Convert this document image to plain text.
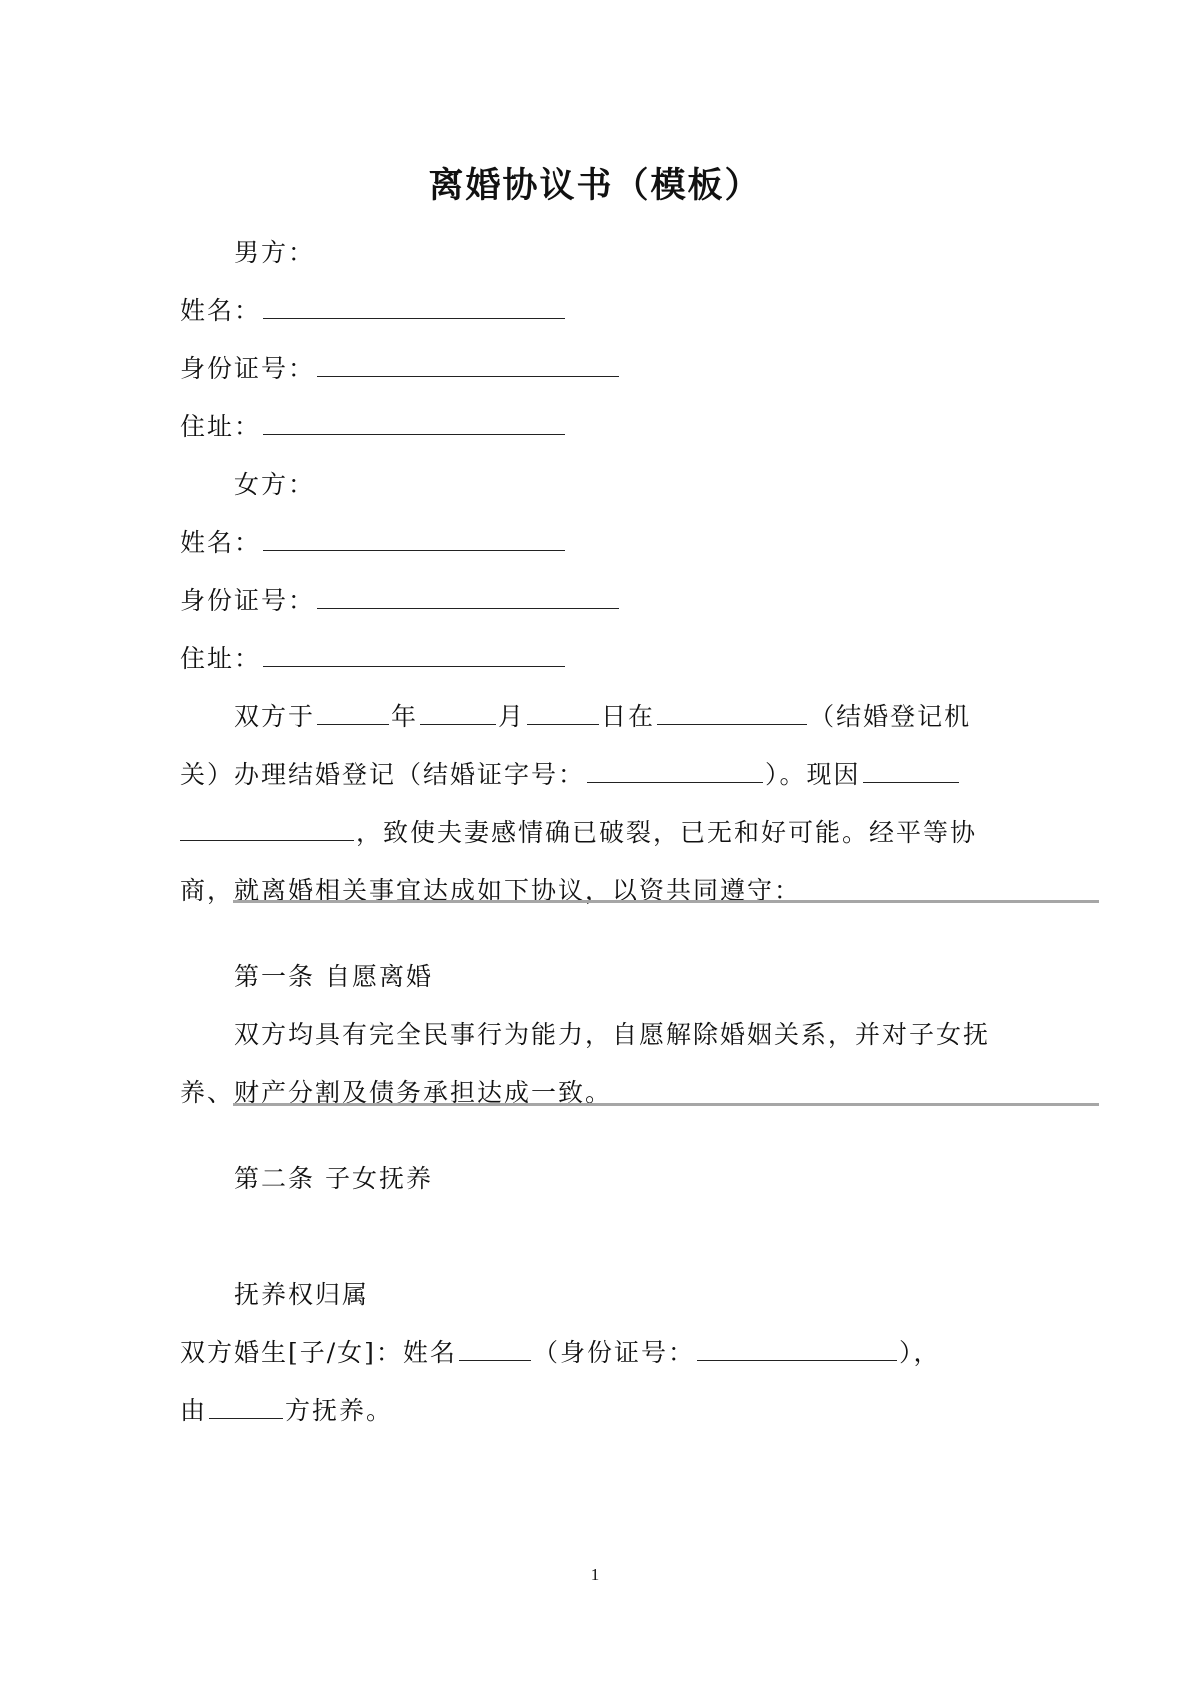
离婚协议书（模板）
男方：
姓名：
身份证号：
住址：
女方：
姓名：
身份证号：
住址：
双方于	年	月	日在	（结婚登记机
关）办理结婚登记（结婚证字号：	）。现因
，致使夫妻感情确已破裂，已无和好可能。经平等协
商，就离婚相关事宜达成如下协议，以资共同遵守：
第一条 自愿离婚
双方均具有完全民事行为能力，自愿解除婚姻关系，并对子女抚
养、财产分割及债务承担达成一致。
第二条 子女抚养
抚养权归属
双方婚生[子/女]：姓名	（身份证号：	），
由	方抚养。
1
